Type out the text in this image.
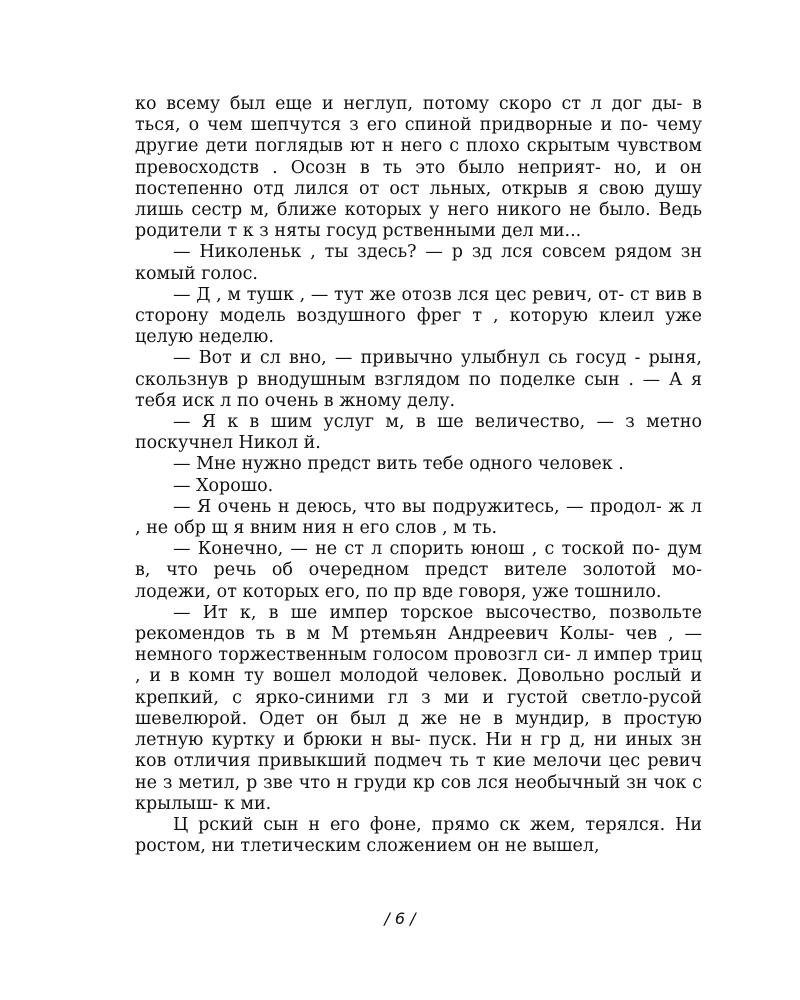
ко всему был еще и неглуп, потому скоро ст л дог ды- в ться, о чем шепчутся з его спиной придворные и по- чему другие дети поглядыв ют н него с плохо скрытым чувством превосходств . Осозн в ть это было неприят- но, и он постепенно отд лился от ост льных, открыв я свою душу лишь сестр м, ближе которых у него никого не было. Ведь родители т к з няты госуд рственными дел ми...

— Николеньк , ты здесь? — р зд лся совсем рядом зн комый голос.

— Д , м тушк , — тут же отозв лся цес ревич, от- ст вив в сторону модель воздушного фрег т , которую клеил уже целую неделю.

— Вот и сл вно, — привычно улыбнул сь госуд - рыня, скользнув р внодушным взглядом по поделке сын . — А я тебя иск л по очень в жному делу.

— Я к в шим услуг м, в ше величество, — з метно поскучнел Никол й.

— Мне нужно предст вить тебе одного человек .

— Хорошо.

— Я очень н деюсь, что вы подружитесь, — продол- ж л , не обр щ я вним ния н его слов , м ть.

— Конечно, — не ст л спорить юнош , с тоской по- дум в, что речь об очередном предст вителе золотой мо- лодежи, от которых его, по пр вде говоря, уже тошнило.

— Ит к, в ше импер торское высочество, позвольте рекомендов ть в м М ртемьян Андреевич Колы- чев , — немного торжественным голосом провозгл си- л импер триц , и в комн ту вошел молодой человек. Довольно рослый и крепкий, с ярко-синими гл з ми и густой светло-русой шевелюрой. Одет он был д же не в мундир, в простую летную куртку и брюки н вы- пуск. Ни н гр д, ни иных зн ков отличия привыкший подмеч ть т кие мелочи цес ревич не з метил, р зве что н груди кр сов лся необычный зн чок с крылыш- к ми.

Ц рский сын н его фоне, прямо ск жем, терялся. Ни ростом, ни тлетическим сложением он не вышел,

/ 6 /
